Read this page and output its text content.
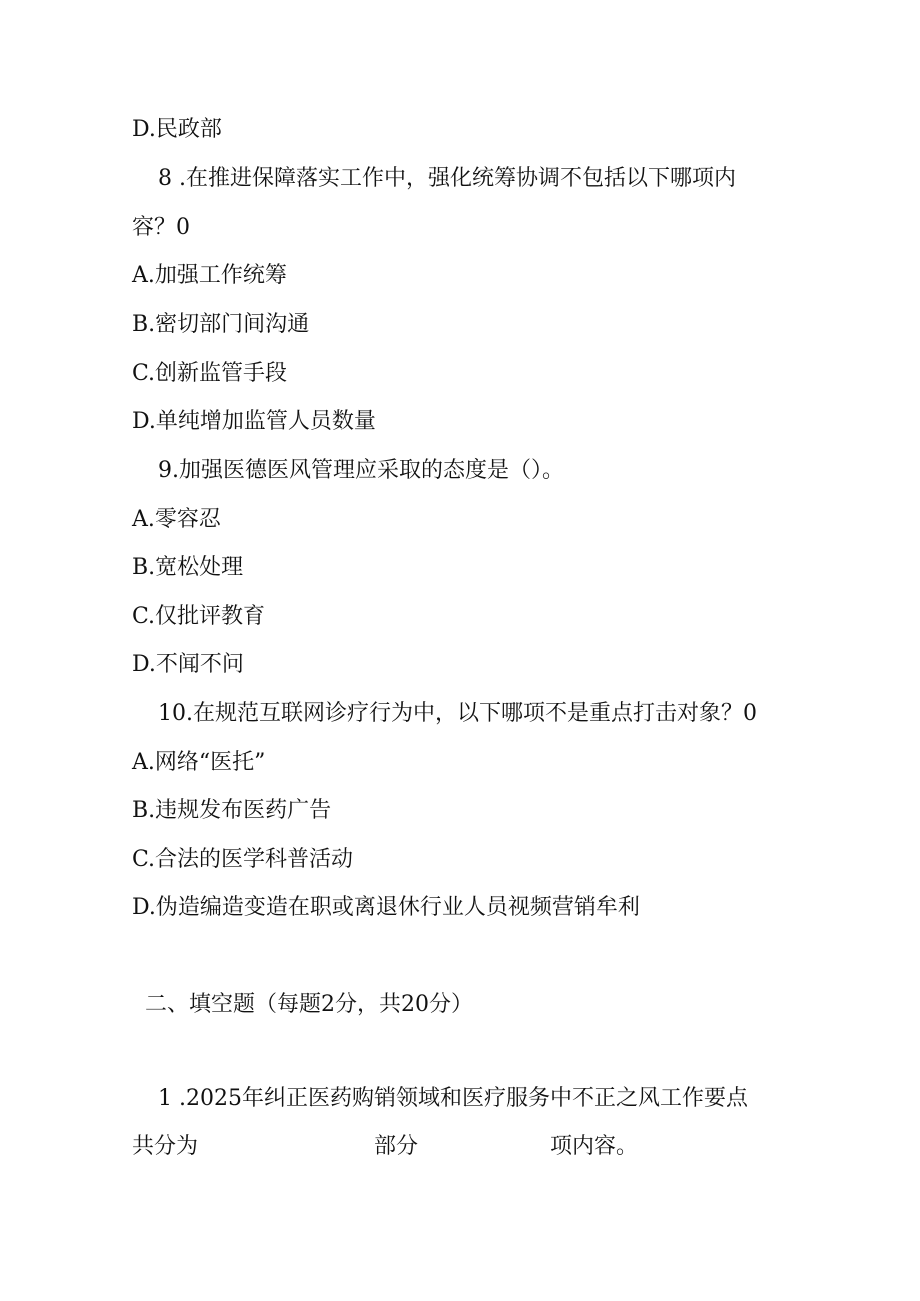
D.民政部
8 .在推进保障落实工作中，强化统筹协调不包括以下哪项内
容？0
A.加强工作统筹
B.密切部门间沟通
C.创新监管手段
D.单纯增加监管人员数量
9.加强医德医风管理应采取的态度是（）。
A.零容忍
B.宽松处理
C.仅批评教育
D.不闻不问
10.在规范互联网诊疗行为中，以下哪项不是重点打击对象？0
A.网络“医托”
B.违规发布医药广告
C.合法的医学科普活动
D.伪造编造变造在职或离退休行业人员视频营销牟利
二、填空题（每题2分，共20分）
1 .2025年纠正医药购销领域和医疗服务中不正之风工作要点
共分为	部分	项内容。
